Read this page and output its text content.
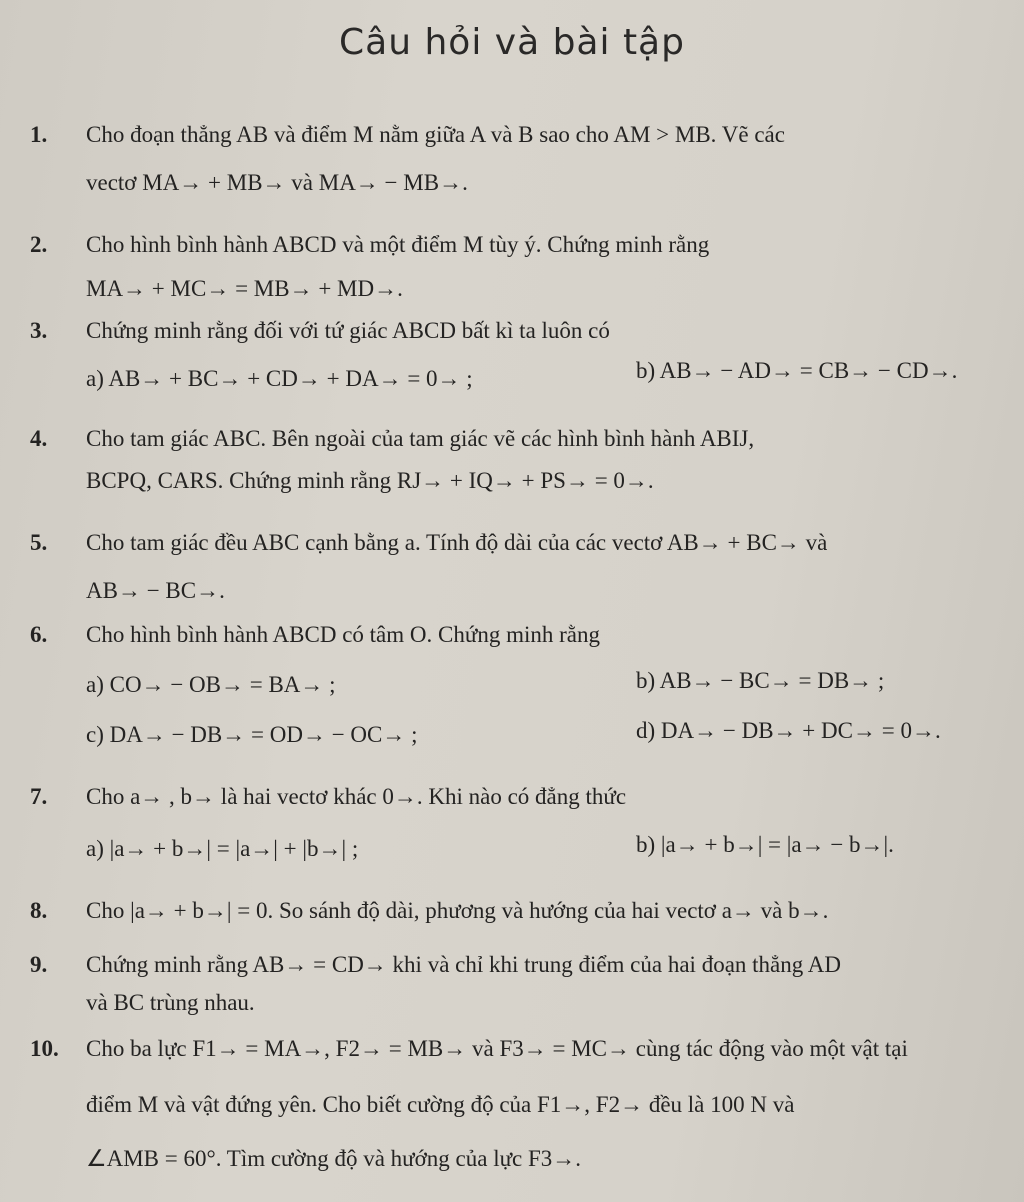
Câu hỏi và bài tập
1. Cho đoạn thẳng AB và điểm M nằm giữa A và B sao cho AM > MB. Vẽ các
vectơ MA→ + MB→ và MA→ − MB→.
2. Cho hình bình hành ABCD và một điểm M tùy ý. Chứng minh rằng
MA→ + MC→ = MB→ + MD→.
3. Chứng minh rằng đối với tứ giác ABCD bất kì ta luôn có
a) AB→ + BC→ + CD→ + DA→ = 0→ ;	b) AB→ − AD→ = CB→ − CD→.
4. Cho tam giác ABC. Bên ngoài của tam giác vẽ các hình bình hành ABIJ,
BCPQ, CARS. Chứng minh rằng RJ→ + IQ→ + PS→ = 0→.
5. Cho tam giác đều ABC cạnh bằng a. Tính độ dài của các vectơ AB→ + BC→ và
AB→ − BC→.
6. Cho hình bình hành ABCD có tâm O. Chứng minh rằng
a) CO→ − OB→ = BA→ ;	b) AB→ − BC→ = DB→ ;
c) DA→ − DB→ = OD→ − OC→ ;	d) DA→ − DB→ + DC→ = 0→.
7. Cho a→ , b→ là hai vectơ khác 0→. Khi nào có đẳng thức
a) |a→ + b→| = |a→| + |b→| ;	b) |a→ + b→| = |a→ − b→|.
8. Cho |a→ + b→| = 0. So sánh độ dài, phương và hướng của hai vectơ a→ và b→.
9. Chứng minh rằng AB→ = CD→ khi và chỉ khi trung điểm của hai đoạn thẳng AD
và BC trùng nhau.
10. Cho ba lực F1→ = MA→, F2→ = MB→ và F3→ = MC→ cùng tác động vào một vật tại
điểm M và vật đứng yên. Cho biết cường độ của F1→, F2→ đều là 100 N và
∠AMB = 60°. Tìm cường độ và hướng của lực F3→.
